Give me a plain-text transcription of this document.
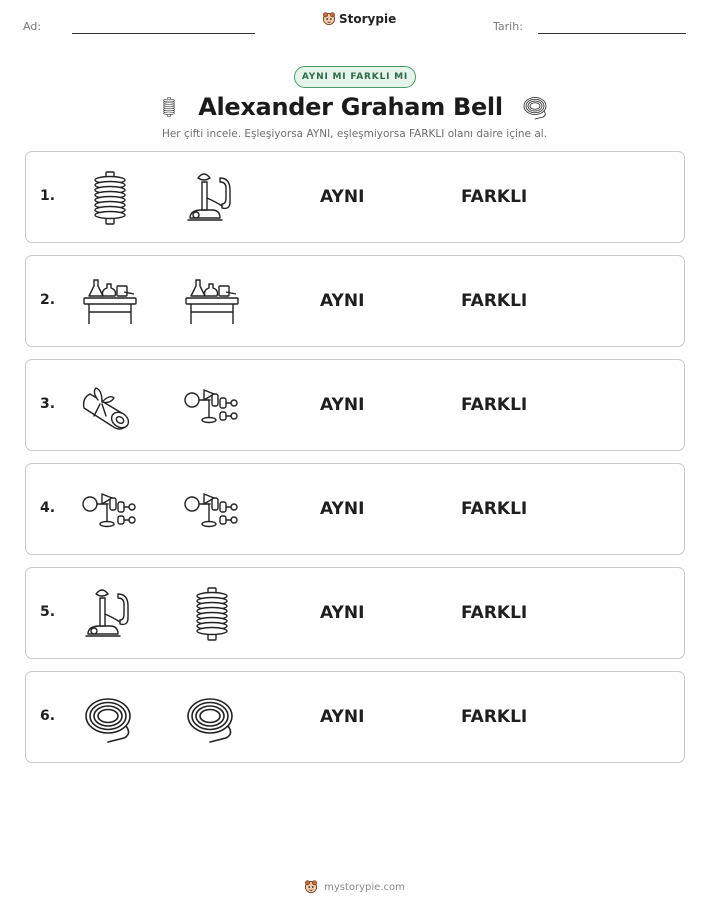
Ad:
Storypie
Tarih:
AYNI MI FARKLI MI
Alexander Graham Bell
Her çifti incele. Eşleşiyorsa AYNI, eşleşmiyorsa FARKLI olanı daire içine al.
1.	AYNI	FARKLI
2.	AYNI	FARKLI
3.	AYNI	FARKLI
4.	AYNI	FARKLI
5.	AYNI	FARKLI
6.	AYNI	FARKLI
mystorypie.com
